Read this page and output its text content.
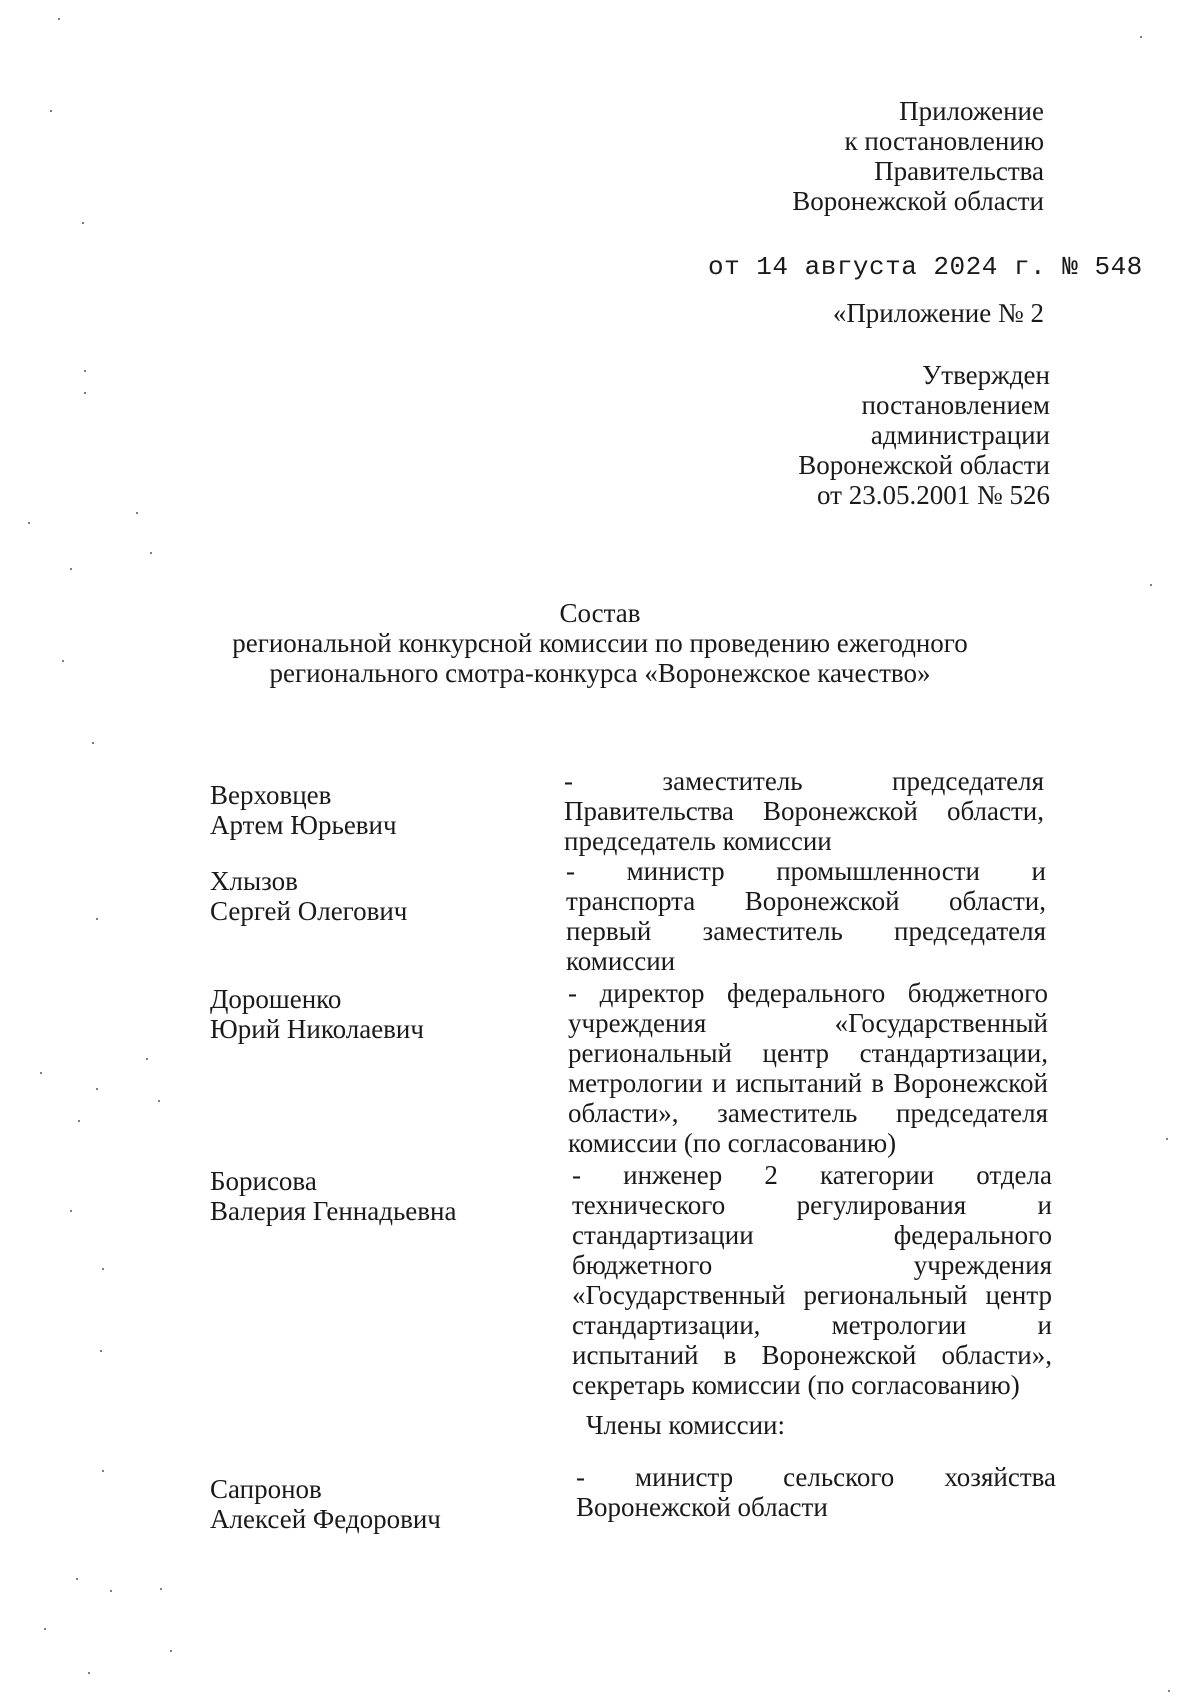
Приложение
к постановлению
Правительства
Воронежской области
от 14 августа 2024 г. № 548
«Приложение № 2
Утвержден
постановлением
администрации
Воронежской области
от 23.05.2001 № 526
Состав
региональной конкурсной комиссии по проведению ежегодного
регионального смотра-конкурса «Воронежское качество»
Верховцев
Артем Юрьевич
- заместитель председателя Правительства Воронежской области, председатель комиссии
Хлызов
Сергей Олегович
- министр промышленности и транспорта Воронежской области, первый заместитель председателя комиссии
Дорошенко
Юрий Николаевич
- директор федерального бюджетного учреждения «Государственный региональный центр стандартизации, метрологии и испытаний в Воронежской области», заместитель председателя комиссии (по согласованию)
Борисова
Валерия Геннадьевна
- инженер 2 категории отдела технического регулирования и стандартизации федерального бюджетного учреждения «Государственный региональный центр стандартизации, метрологии и испытаний в Воронежской области», секретарь комиссии (по согласованию)
Члены комиссии:
Сапронов
Алексей Федорович
- министр сельского хозяйства Воронежской области
